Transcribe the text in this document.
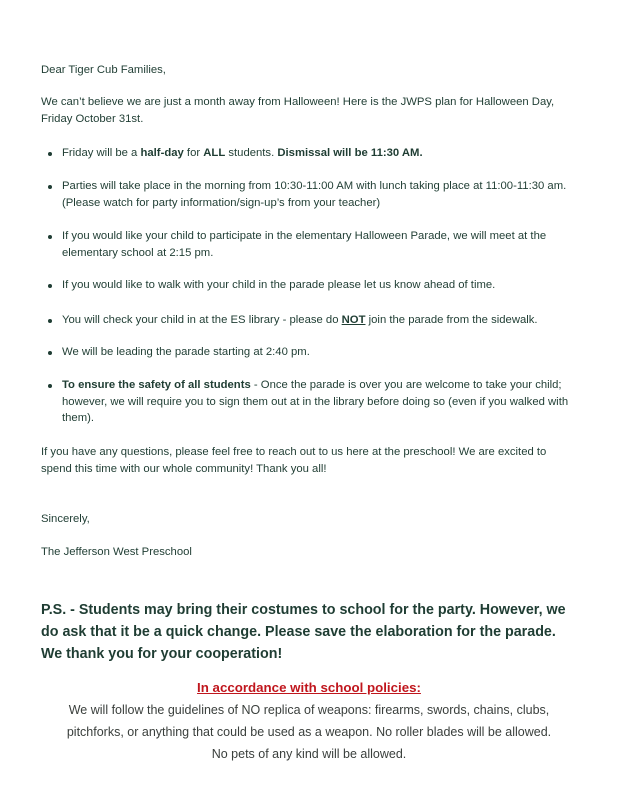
Dear Tiger Cub Families,

We can’t believe we are just a month away from Halloween! Here is the JWPS plan for Halloween Day, Friday October 31st.

Friday will be a half-day for ALL students. Dismissal will be 11:30 AM.
Parties will take place in the morning from 10:30-11:00 AM with lunch taking place at 11:00-11:30 am. (Please watch for party information/sign-up’s from your teacher)
If you would like your child to participate in the elementary Halloween Parade, we will meet at the elementary school at 2:15 pm.
If you would like to walk with your child in the parade please let us know ahead of time.
You will check your child in at the ES library - please do NOT join the parade from the sidewalk.
We will be leading the parade starting at 2:40 pm.
To ensure the safety of all students - Once the parade is over you are welcome to take your child; however, we will require you to sign them out at in the library before doing so (even if you walked with them).

If you have any questions, please feel free to reach out to us here at the preschool! We are excited to spend this time with our whole community! Thank you all!

Sincerely,

The Jefferson West Preschool

P.S. - Students may bring their costumes to school for the party. However, we do ask that it be a quick change. Please save the elaboration for the parade. We thank you for your cooperation!

In accordance with school policies:
We will follow the guidelines of NO replica of weapons: firearms, swords, chains, clubs,
pitchforks, or anything that could be used as a weapon. No roller blades will be allowed.
No pets of any kind will be allowed.
